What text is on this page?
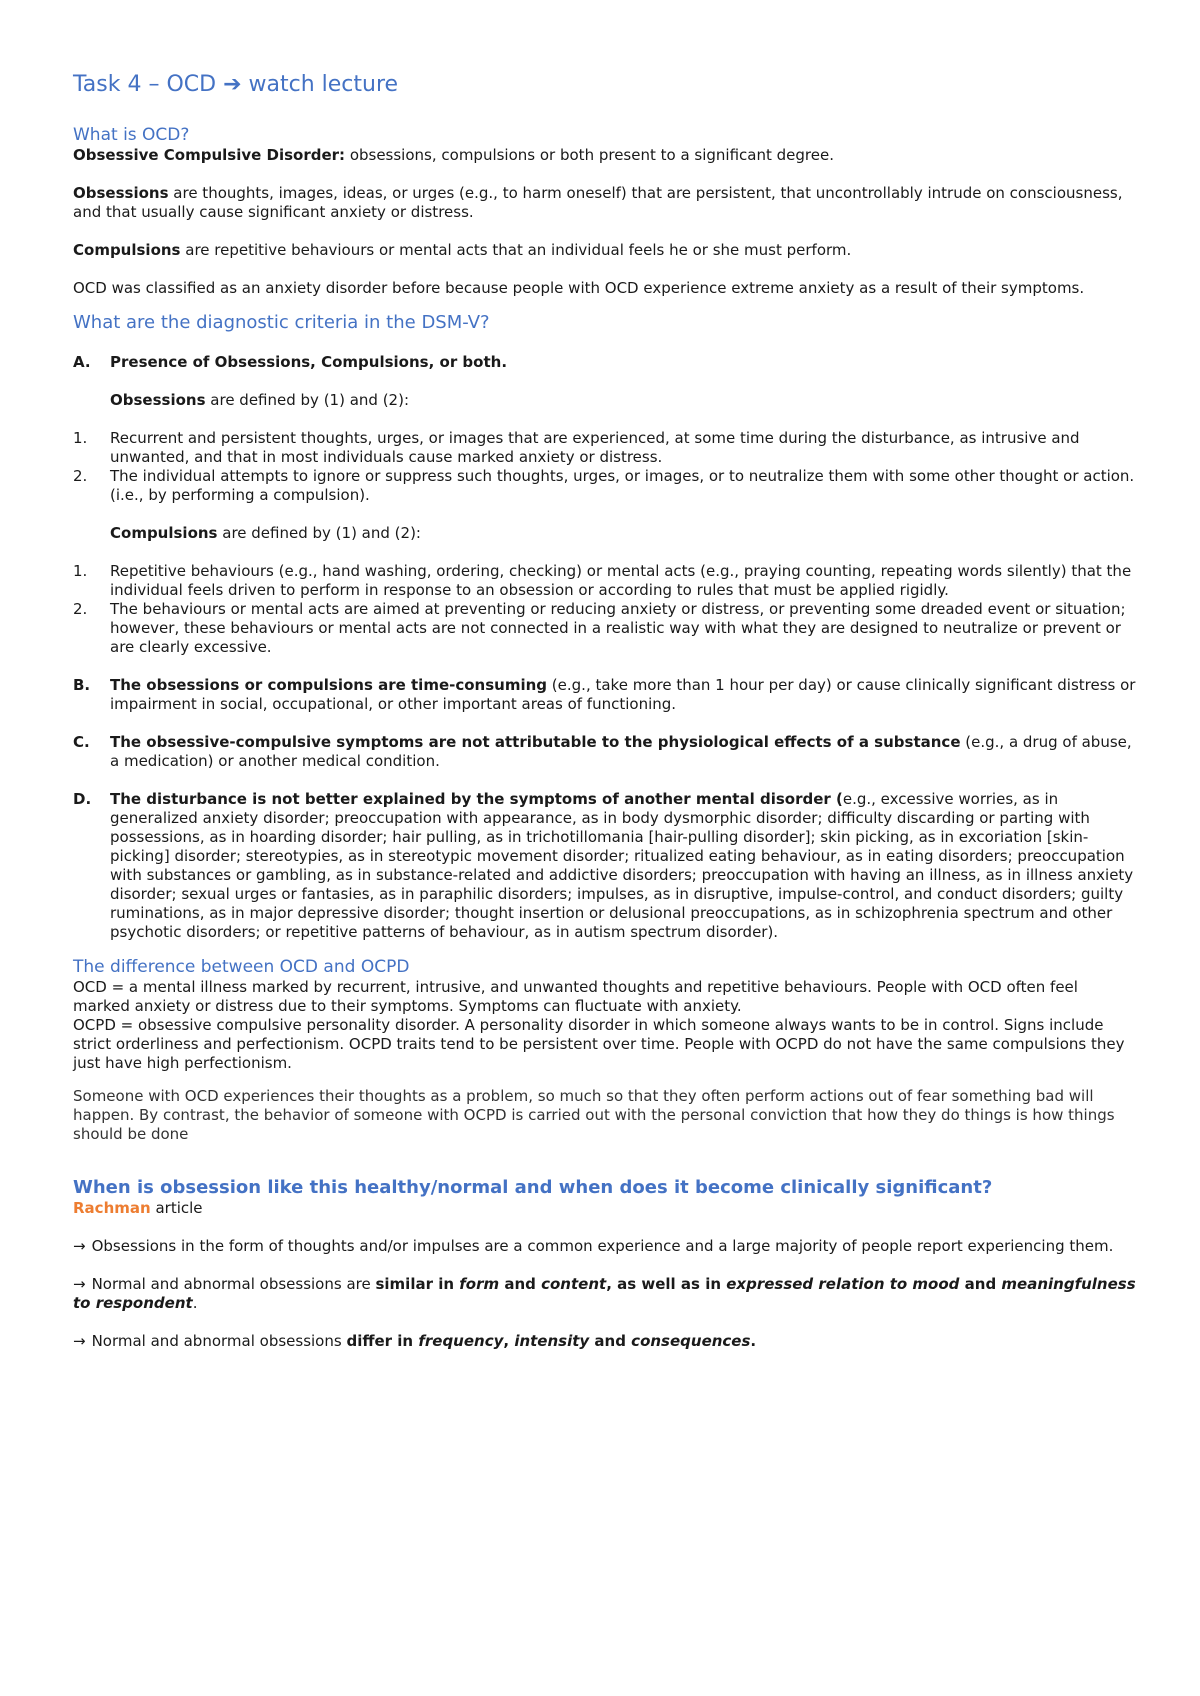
Task 4 – OCD ➔ watch lecture
What is OCD?

Obsessive Compulsive Disorder: obsessions, compulsions or both present to a significant degree.

Obsessions are thoughts, images, ideas, or urges (e.g., to harm oneself) that are persistent, that uncontrollably intrude on consciousness, and that usually cause significant anxiety or distress.

Compulsions are repetitive behaviours or mental acts that an individual feels he or she must perform.

OCD was classified as an anxiety disorder before because people with OCD experience extreme anxiety as a result of their symptoms.

What are the diagnostic criteria in the DSM-V?
A. Presence of Obsessions, Compulsions, or both.

Obsessions are defined by (1) and (2):

1. Recurrent and persistent thoughts, urges, or images that are experienced, at some time during the disturbance, as intrusive and unwanted, and that in most individuals cause marked anxiety or distress.
2. The individual attempts to ignore or suppress such thoughts, urges, or images, or to neutralize them with some other thought or action. (i.e., by performing a compulsion).

Compulsions are defined by (1) and (2):

1. Repetitive behaviours (e.g., hand washing, ordering, checking) or mental acts (e.g., praying counting, repeating words silently) that the individual feels driven to perform in response to an obsession or according to rules that must be applied rigidly.
2. The behaviours or mental acts are aimed at preventing or reducing anxiety or distress, or preventing some dreaded event or situation; however, these behaviours or mental acts are not connected in a realistic way with what they are designed to neutralize or prevent or are clearly excessive.
B. The obsessions or compulsions are time-consuming (e.g., take more than 1 hour per day) or cause clinically significant distress or impairment in social, occupational, or other important areas of functioning.
C. The obsessive-compulsive symptoms are not attributable to the physiological effects of a substance (e.g., a drug of abuse, a medication) or another medical condition.
D. The disturbance is not better explained by the symptoms of another mental disorder (e.g., excessive worries, as in generalized anxiety disorder; preoccupation with appearance, as in body dysmorphic disorder; difficulty discarding or parting with possessions, as in hoarding disorder; hair pulling, as in trichotillomania [hair-pulling disorder]; skin picking, as in excoriation [skin-picking] disorder; stereotypies, as in stereotypic movement disorder; ritualized eating behaviour, as in eating disorders; preoccupation with substances or gambling, as in substance-related and addictive disorders; preoccupation with having an illness, as in illness anxiety disorder; sexual urges or fantasies, as in paraphilic disorders; impulses, as in disruptive, impulse-control, and conduct disorders; guilty ruminations, as in major depressive disorder; thought insertion or delusional preoccupations, as in schizophrenia spectrum and other psychotic disorders; or repetitive patterns of behaviour, as in autism spectrum disorder).
The difference between OCD and OCPD

OCD = a mental illness marked by recurrent, intrusive, and unwanted thoughts and repetitive behaviours. People with OCD often feel marked anxiety or distress due to their symptoms. Symptoms can fluctuate with anxiety.

OCPD = obsessive compulsive personality disorder. A personality disorder in which someone always wants to be in control. Signs include strict orderliness and perfectionism. OCPD traits tend to be persistent over time. People with OCPD do not have the same compulsions they just have high perfectionism.

Someone with OCD experiences their thoughts as a problem, so much so that they often perform actions out of fear something bad will happen. By contrast, the behavior of someone with OCPD is carried out with the personal conviction that how they do things is how things should be done

When is obsession like this healthy/normal and when does it become clinically significant?

Rachman article

→ Obsessions in the form of thoughts and/or impulses are a common experience and a large majority of people report experiencing them.

→ Normal and abnormal obsessions are similar in form and content, as well as in expressed relation to mood and meaningfulness to respondent.

→ Normal and abnormal obsessions differ in frequency, intensity and consequences.
